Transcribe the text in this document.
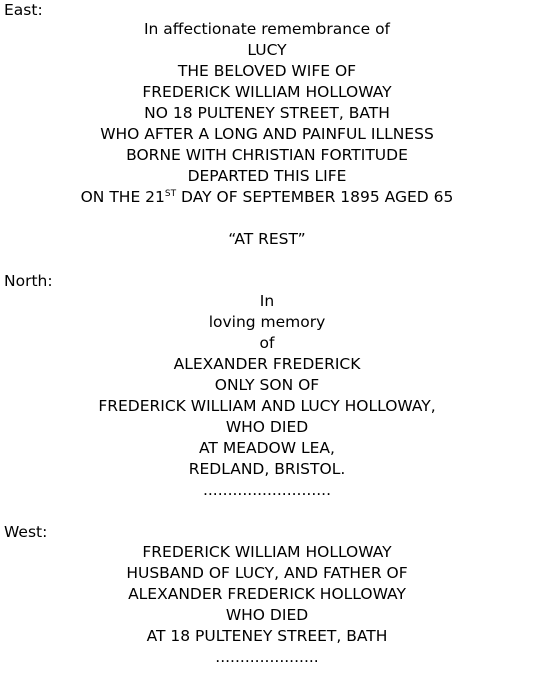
East:
In affectionate remembrance of
LUCY
THE BELOVED WIFE OF
FREDERICK WILLIAM HOLLOWAY
NO 18 PULTENEY STREET, BATH
WHO AFTER A LONG AND PAINFUL ILLNESS
BORNE WITH CHRISTIAN FORTITUDE
DEPARTED THIS LIFE
ON THE 21ST DAY OF SEPTEMBER 1895 AGED 65
“AT REST”
North:
In
loving memory
of
ALEXANDER FREDERICK
ONLY SON OF
FREDERICK WILLIAM AND LUCY HOLLOWAY,
WHO DIED
AT MEADOW LEA,
REDLAND, BRISTOL.
..........................
West:
FREDERICK WILLIAM HOLLOWAY
HUSBAND OF LUCY, AND FATHER OF
ALEXANDER FREDERICK HOLLOWAY
WHO DIED
AT 18 PULTENEY STREET, BATH
.....................
